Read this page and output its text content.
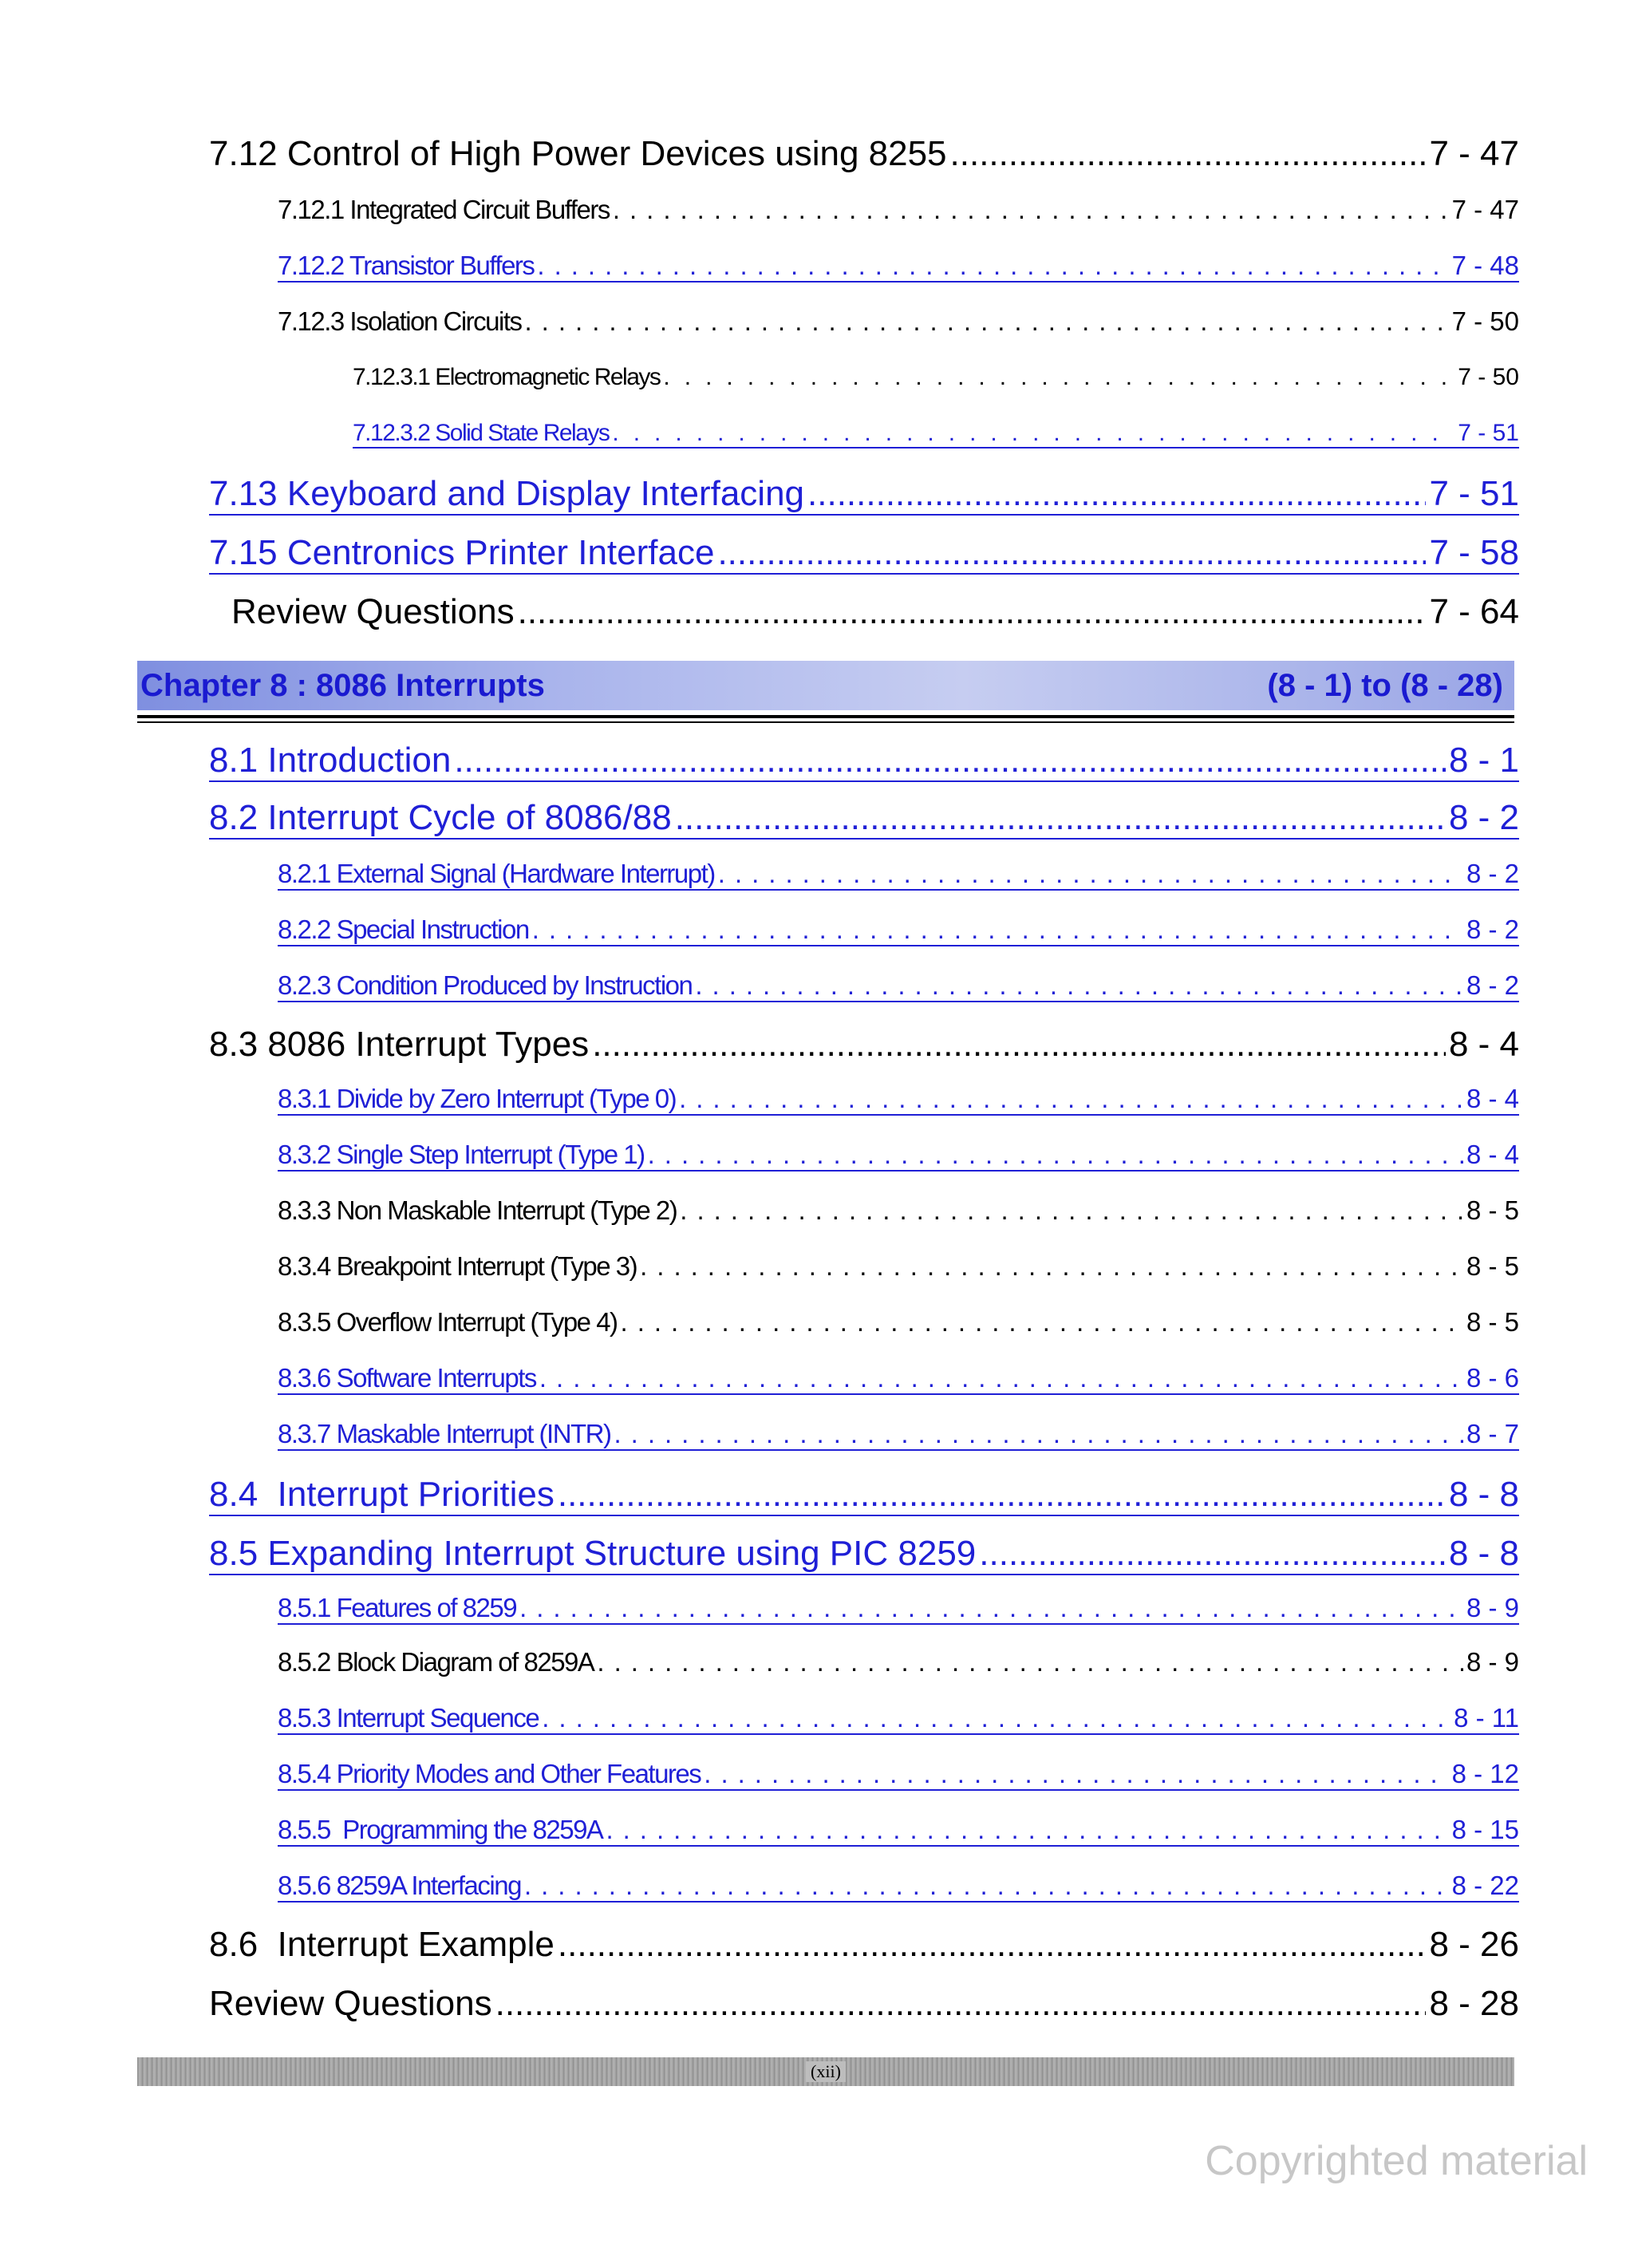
7.12 Control of High Power Devices using 8255 .....	7 - 47
7.12.1 Integrated Circuit Buffers .....	7 - 47
7.12.2 Transistor Buffers .....	7 - 48
7.12.3 Isolation Circuits .....	7 - 50
7.12.3.1 Electromagnetic Relays .....	7 - 50
7.12.3.2 Solid State Relays .....	7 - 51
7.13 Keyboard and Display Interfacing .....	7 - 51
7.15 Centronics Printer Interface .....	7 - 58
Review Questions .....	7 - 64
Chapter 8 : 8086 Interrupts	(8 - 1) to (8 - 28)
8.1 Introduction .....	8 - 1
8.2 Interrupt Cycle of 8086/88 .....	8 - 2
8.2.1 External Signal (Hardware Interrupt) .....	8 - 2
8.2.2 Special Instruction .....	8 - 2
8.2.3 Condition Produced by Instruction .....	8 - 2
8.3 8086 Interrupt Types .....	8 - 4
8.3.1 Divide by Zero Interrupt (Type 0) .....	8 - 4
8.3.2 Single Step Interrupt (Type 1) .....	8 - 4
8.3.3 Non Maskable Interrupt (Type 2) .....	8 - 5
8.3.4 Breakpoint Interrupt (Type 3) .....	8 - 5
8.3.5 Overflow Interrupt (Type 4) .....	8 - 5
8.3.6 Software Interrupts .....	8 - 6
8.3.7 Maskable Interrupt (INTR) .....	8 - 7
8.4  Interrupt Priorities .....	8 - 8
8.5 Expanding Interrupt Structure using PIC 8259 .....	8 - 8
8.5.1 Features of 8259 .....	8 - 9
8.5.2 Block Diagram of 8259A .....	8 - 9
8.5.3 Interrupt Sequence .....	8 - 11
8.5.4 Priority Modes and Other Features .....	8 - 12
8.5.5  Programming the 8259A .....	8 - 15
8.5.6 8259A Interfacing .....	8 - 22
8.6  Interrupt Example .....	8 - 26
Review Questions .....	8 - 28
(xii)
Copyrighted material
